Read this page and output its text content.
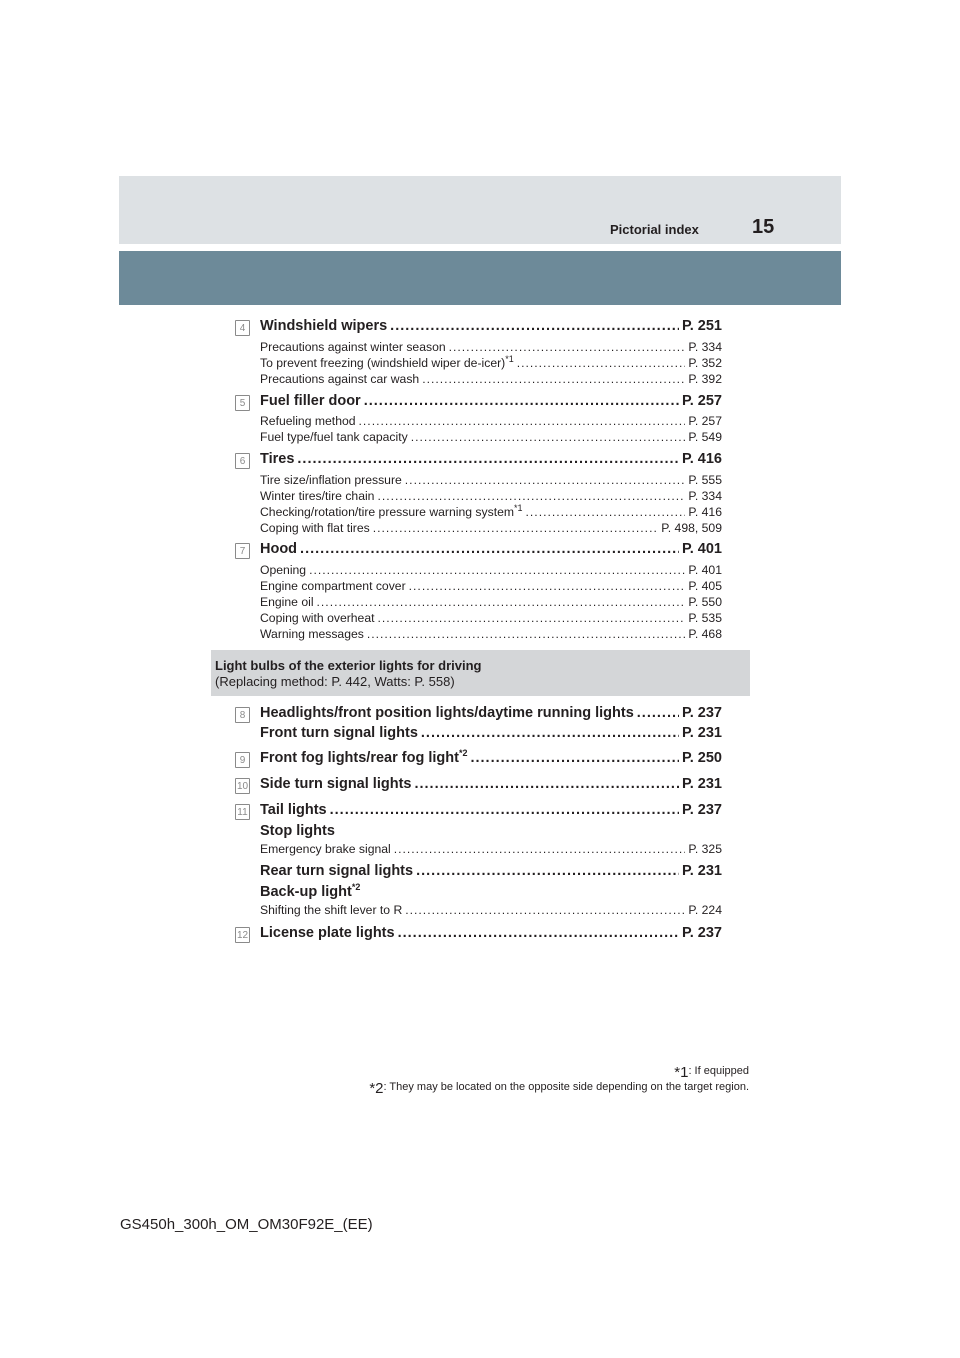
Pictorial index	15
4	Windshield wipers .....	P. 251
Precautions against winter season .....	P. 334
To prevent freezing (windshield wiper de-icer)$^{*1}$ .....	P. 352
Precautions against car wash .....	P. 392
5	Fuel filler door .....	P. 257
Refueling method .....	P. 257
Fuel type/fuel tank capacity .....	P. 549
6	Tires .....	P. 416
Tire size/inflation pressure .....	P. 555
Winter tires/tire chain .....	P. 334
Checking/rotation/tire pressure warning system$^{*1}$ .....	P. 416
Coping with flat tires .....	P. 498, 509
7	Hood .....	P. 401
Opening .....	P. 401
Engine compartment cover .....	P. 405
Engine oil .....	P. 550
Coping with overheat .....	P. 535
Warning messages .....	P. 468
Light bulbs of the exterior lights for driving
(Replacing method: P. 442, Watts: P. 558)
8	Headlights/front position lights/daytime running lights .....	P. 237
Front turn signal lights .....	P. 231
9	Front fog lights/rear fog light$^{*2}$ .....	P. 250
10 Side turn signal lights .....	P. 231
11 Tail lights .....	P. 237
Stop lights
Emergency brake signal .....	P. 325
Rear turn signal lights .....	P. 231
Back-up light$^{*2}$
Shifting the shift lever to R .....	P. 224
12 License plate lights .....	P. 237
*1: If equipped
*2: They may be located on the opposite side depending on the target region.
GS450h_300h_OM_OM30F92E_(EE)
